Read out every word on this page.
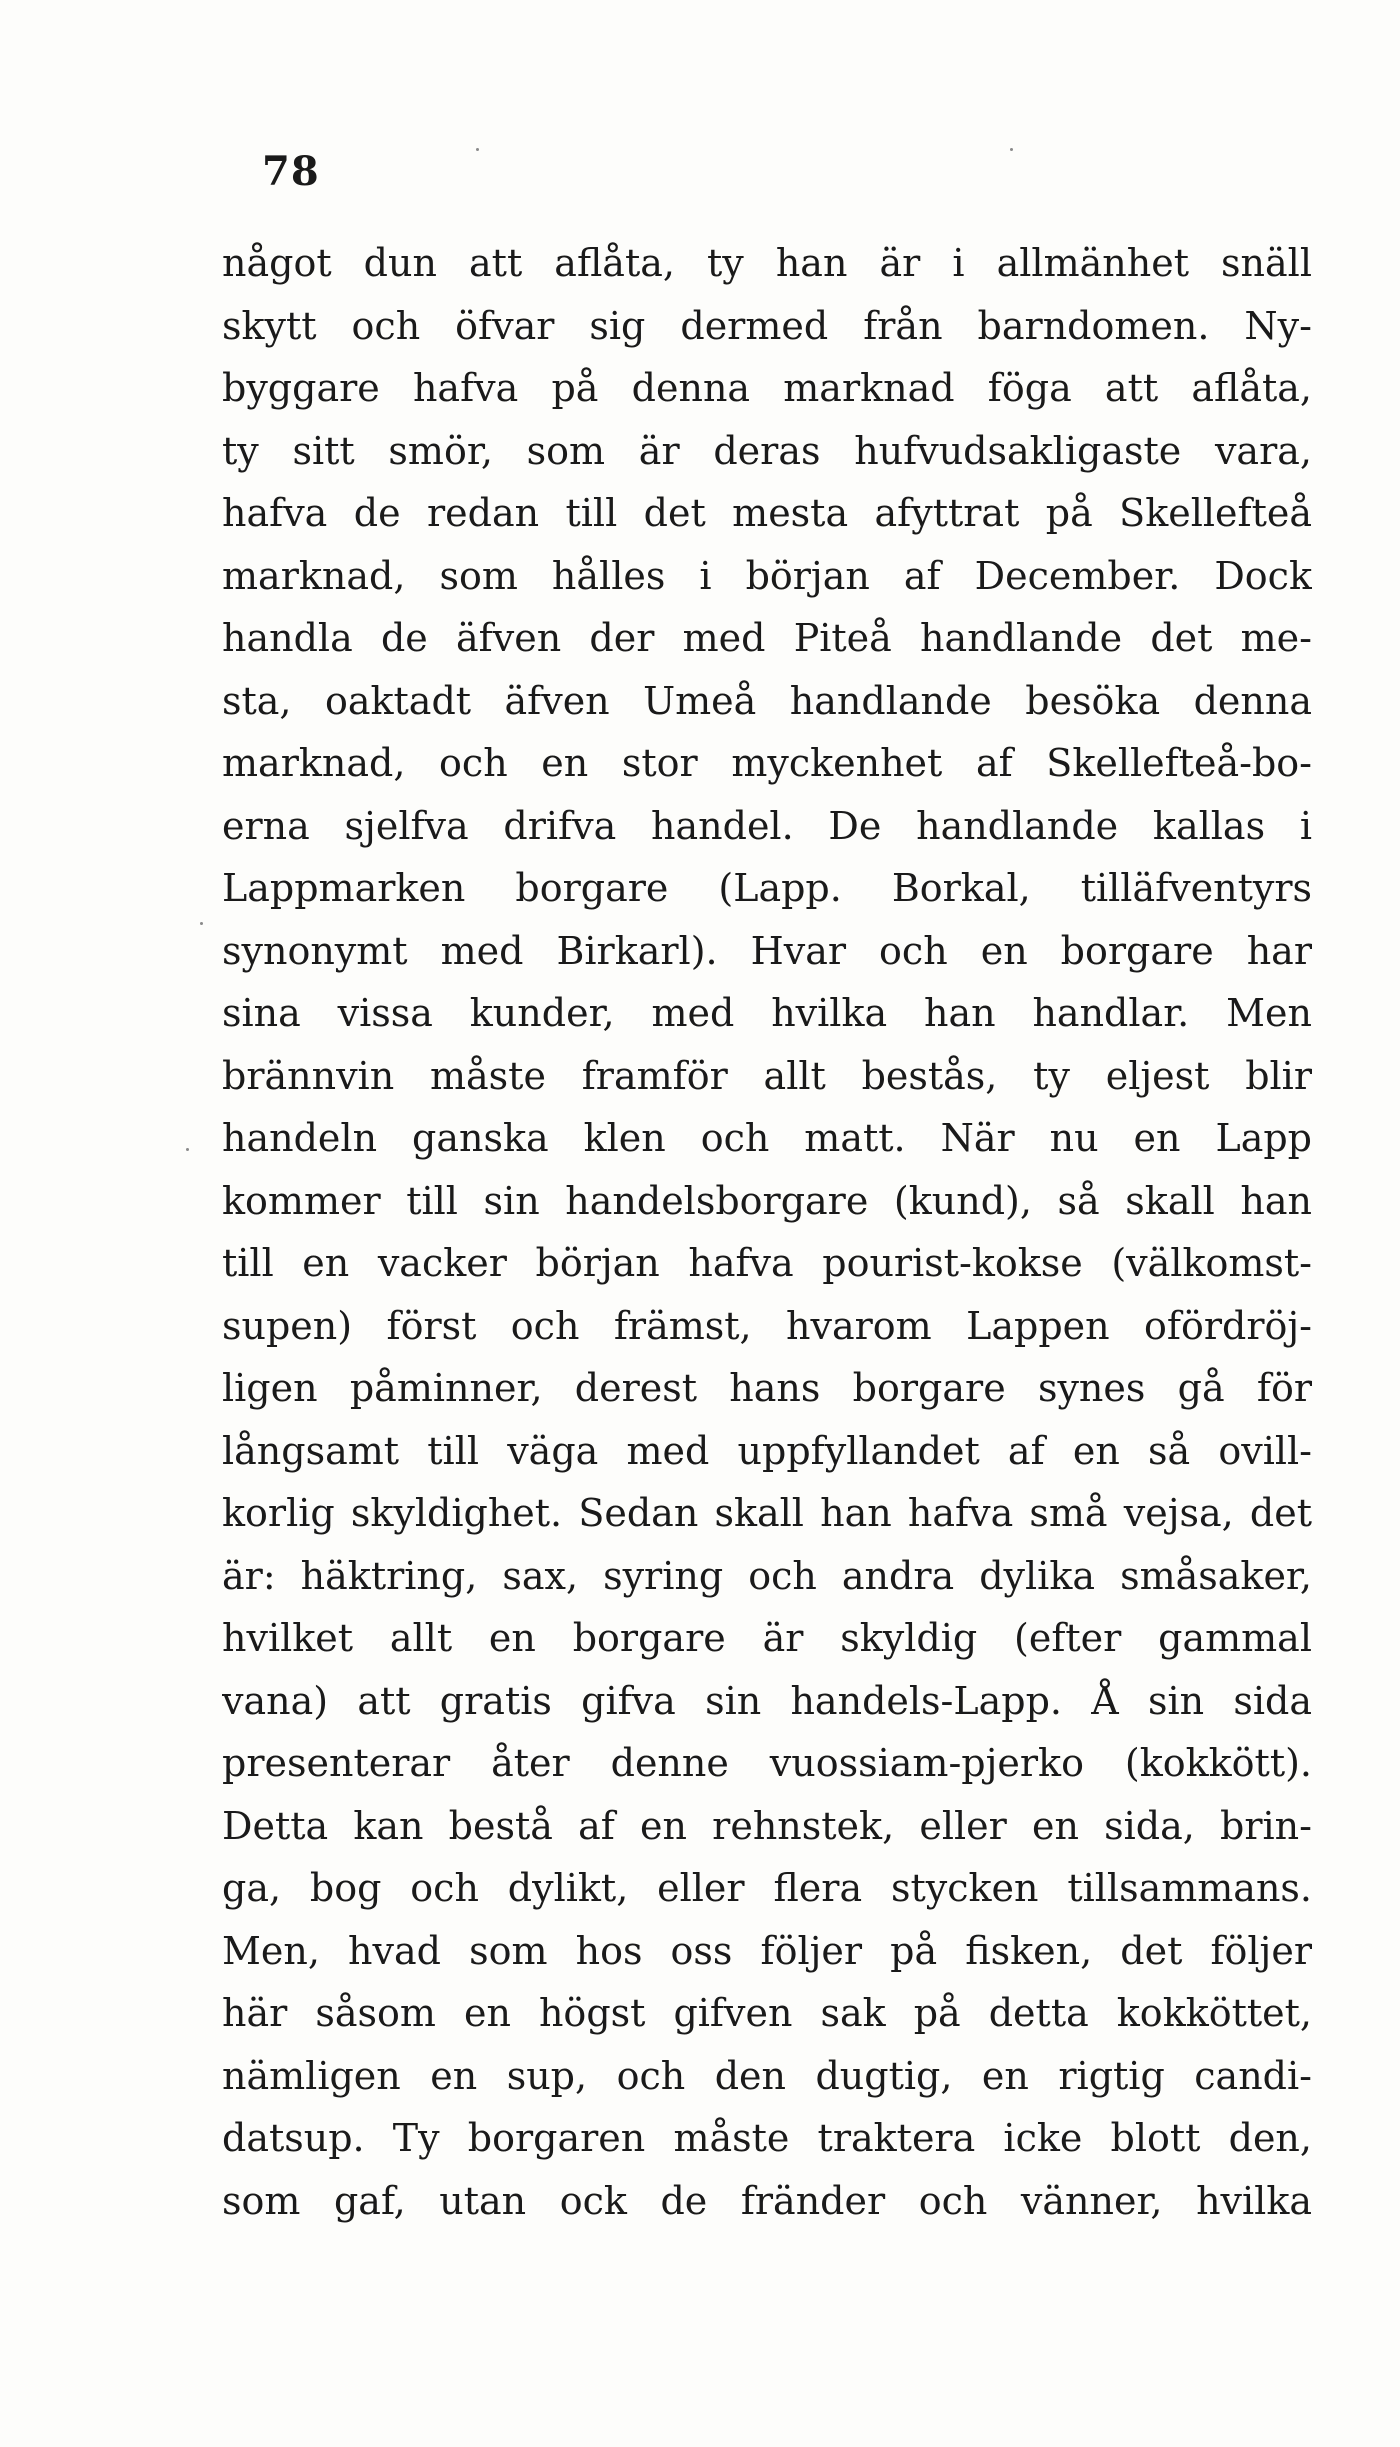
78
något dun att aflåta, ty han är i allmänhet snäll
skytt och öfvar sig dermed från barndomen. Ny-
byggare hafva på denna marknad föga att aflåta,
ty sitt smör, som är deras hufvudsakligaste vara,
hafva de redan till det mesta afyttrat på Skellefteå
marknad, som hålles i början af December. Dock
handla de äfven der med Piteå handlande det me-
sta, oaktadt äfven Umeå handlande besöka denna
marknad, och en stor myckenhet af Skellefteå-bo-
erna sjelfva drifva handel. De handlande kallas i
Lappmarken borgare (Lapp. Borkal, tilläfventyrs
synonymt med Birkarl). Hvar och en borgare har
sina vissa kunder, med hvilka han handlar. Men
brännvin måste framför allt bestås, ty eljest blir
handeln ganska klen och matt. När nu en Lapp
kommer till sin handelsborgare (kund), så skall han
till en vacker början hafva pourist-kokse (välkomst-
supen) först och främst, hvarom Lappen ofördröj-
ligen påminner, derest hans borgare synes gå för
långsamt till väga med uppfyllandet af en så ovill-
korlig skyldighet. Sedan skall han hafva små vejsa, det
är: häktring, sax, syring och andra dylika småsaker,
hvilket allt en borgare är skyldig (efter gammal
vana) att gratis gifva sin handels-Lapp. Å sin sida
presenterar åter denne vuossiam-pjerko (kokkött).
Detta kan bestå af en rehnstek, eller en sida, brin-
ga, bog och dylikt, eller flera stycken tillsammans.
Men, hvad som hos oss följer på fisken, det följer
här såsom en högst gifven sak på detta kokköttet,
nämligen en sup, och den dugtig, en rigtig candi-
datsup. Ty borgaren måste traktera icke blott den,
som gaf, utan ock de fränder och vänner, hvilka
